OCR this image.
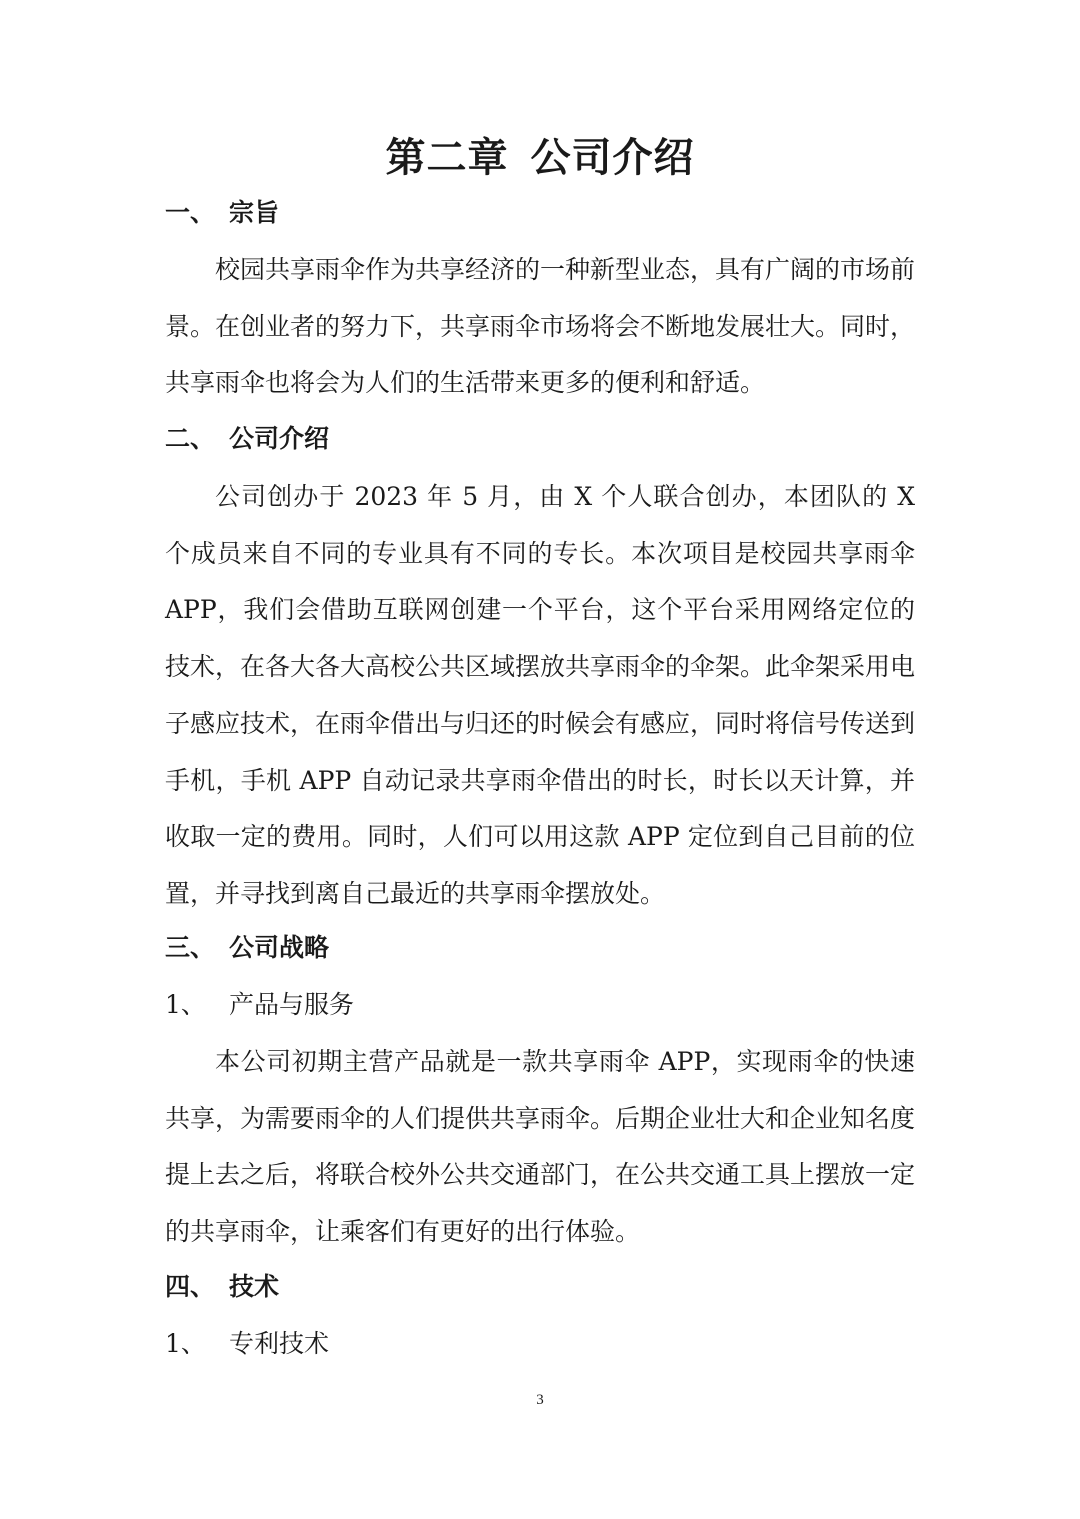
第二章 公司介绍
一、 宗旨

校园共享雨伞作为共享经济的一种新型业态，具有广阔的市场前景。在创业者的努力下，共享雨伞市场将会不断地发展壮大。同时，共享雨伞也将会为人们的生活带来更多的便利和舒适。

二、 公司介绍

公司创办于 2023 年 5 月，由 X 个人联合创办，本团队的 X 个成员来自不同的专业具有不同的专长。本次项目是校园共享雨伞 APP，我们会借助互联网创建一个平台，这个平台采用网络定位的技术，在各大各大高校公共区域摆放共享雨伞的伞架。此伞架采用电子感应技术，在雨伞借出与归还的时候会有感应，同时将信号传送到手机，手机 APP 自动记录共享雨伞借出的时长，时长以天计算，并收取一定的费用。同时，人们可以用这款 APP 定位到自己目前的位置，并寻找到离自己最近的共享雨伞摆放处。

三、 公司战略
1、 产品与服务

本公司初期主营产品就是一款共享雨伞 APP，实现雨伞的快速共享，为需要雨伞的人们提供共享雨伞。后期企业壮大和企业知名度提上去之后，将联合校外公共交通部门，在公共交通工具上摆放一定的共享雨伞，让乘客们有更好的出行体验。

四、 技术
1、 专利技术
3
